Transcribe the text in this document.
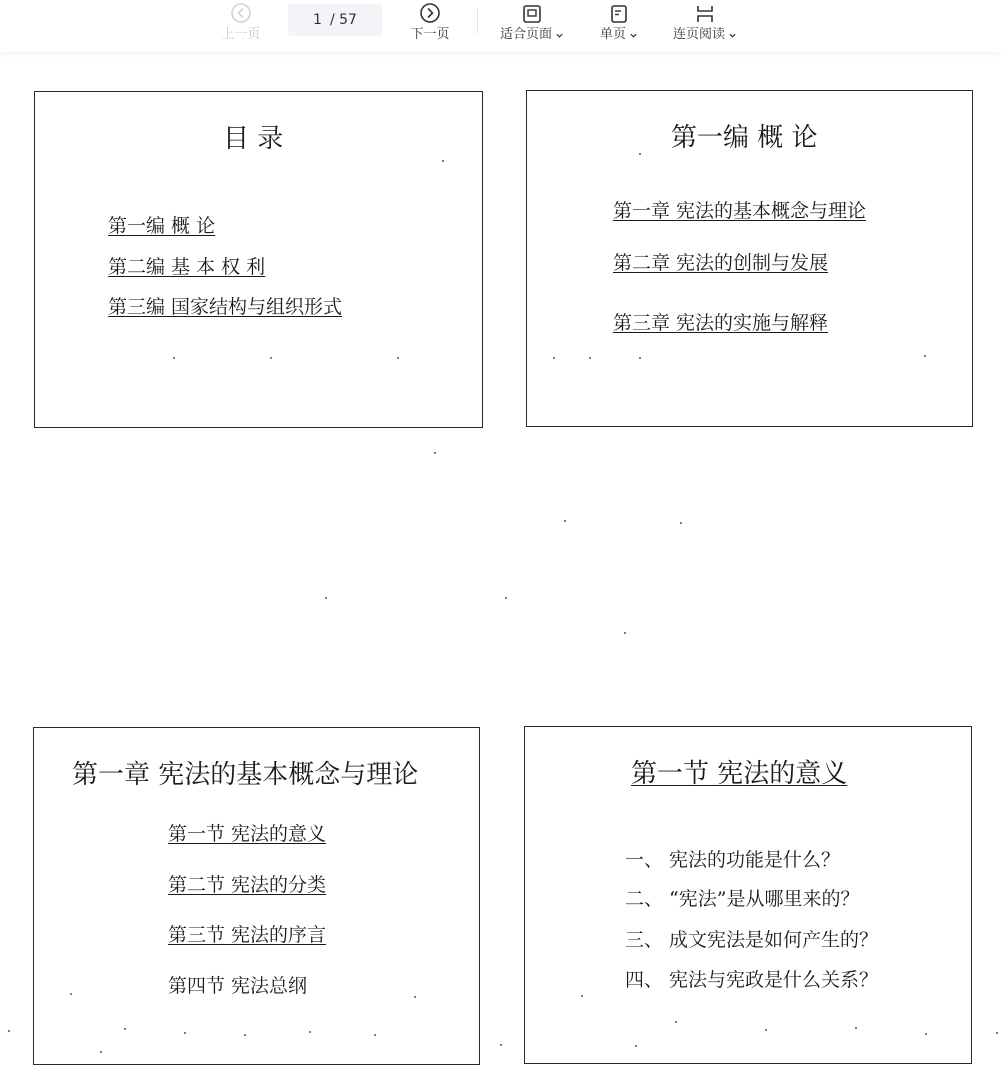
上一页
1 / 57
下一页	适合页面	单页	连页阅读
目 录
第一编 概 论
第二编 基 本 权 利
第三编 国家结构与组织形式
第一编 概 论
第一章 宪法的基本概念与理论
第二章 宪法的创制与发展
第三章 宪法的实施与解释
第一章 宪法的基本概念与理论
第一节 宪法的意义
第二节 宪法的分类
第三节 宪法的序言
第四节 宪法总纲
第一节 宪法的意义
一、 宪法的功能是什么？
二、 “宪法”是从哪里来的？
三、 成文宪法是如何产生的？
四、 宪法与宪政是什么关系？
